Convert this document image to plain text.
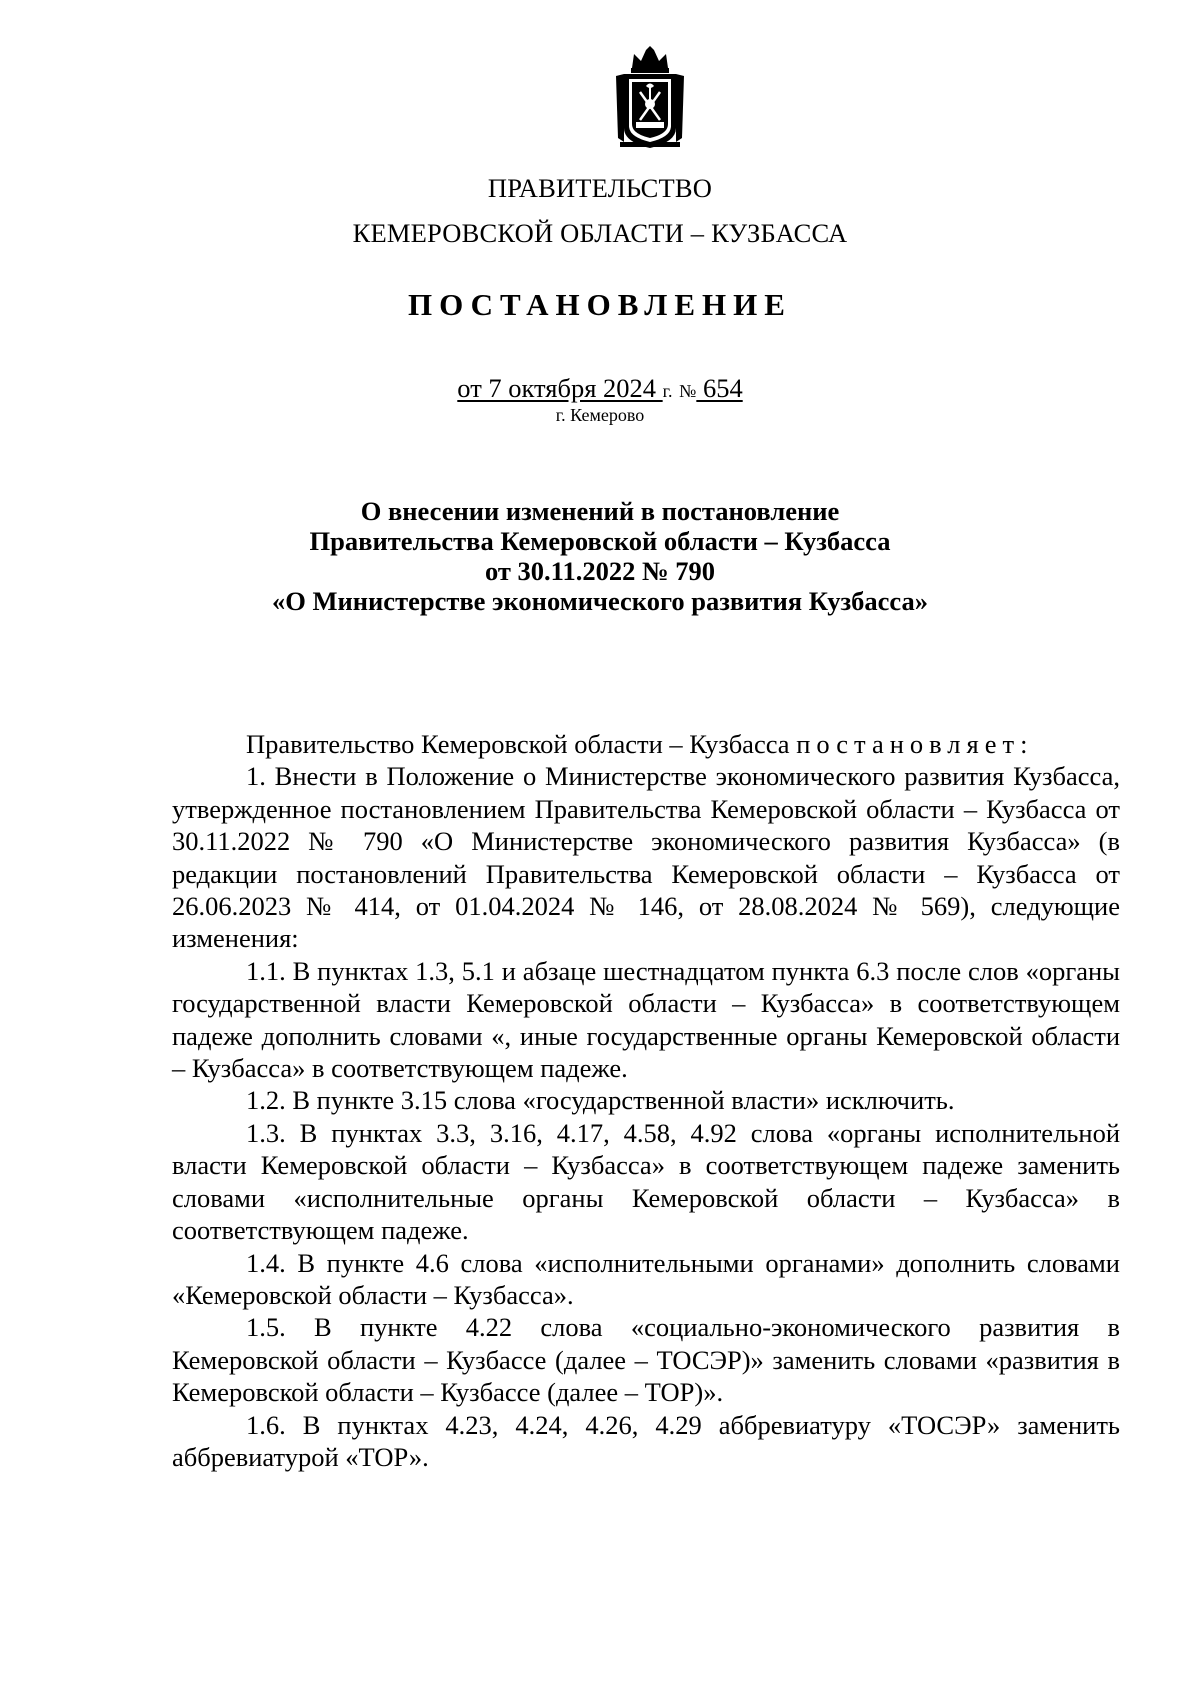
ПРАВИТЕЛЬСТВО
КЕМЕРОВСКОЙ ОБЛАСТИ – КУЗБАССА
ПОСТАНОВЛЕНИЕ
от 7 октября 2024 г. № 654
г. Кемерово
О внесении изменений в постановление
Правительства Кемеровской области – Кузбасса
от 30.11.2022 № 790
«О Министерстве экономического развития Кузбасса»

Правительство Кемеровской области – Кузбасса постановляет:

1. Внести в Положение о Министерстве экономического развития Кузбасса, утвержденное постановлением Правительства Кемеровской области – Кузбасса от 30.11.2022 № 790 «О Министерстве экономического развития Кузбасса» (в редакции постановлений Правительства Кемеровской области – Кузбасса от 26.06.2023 № 414, от 01.04.2024 № 146, от 28.08.2024 № 569), следующие изменения:

1.1. В пунктах 1.3, 5.1 и абзаце шестнадцатом пункта 6.3 после слов «органы государственной власти Кемеровской области – Кузбасса» в соответствующем падеже дополнить словами «, иные государственные органы Кемеровской области – Кузбасса» в соответствующем падеже.

1.2. В пункте 3.15 слова «государственной власти» исключить.

1.3. В пунктах 3.3, 3.16, 4.17, 4.58, 4.92 слова «органы исполнительной власти Кемеровской области – Кузбасса» в соответствующем падеже заменить словами «исполнительные органы Кемеровской области – Кузбасса» в соответствующем падеже.

1.4. В пункте 4.6 слова «исполнительными органами» дополнить словами «Кемеровской области – Кузбасса».

1.5. В пункте 4.22 слова «социально-экономического развития в Кемеровской области – Кузбассе (далее – ТОСЭР)» заменить словами «развития в Кемеровской области – Кузбассе (далее – ТОР)».

1.6. В пунктах 4.23, 4.24, 4.26, 4.29 аббревиатуру «ТОСЭР» заменить аббревиатурой «ТОР».
